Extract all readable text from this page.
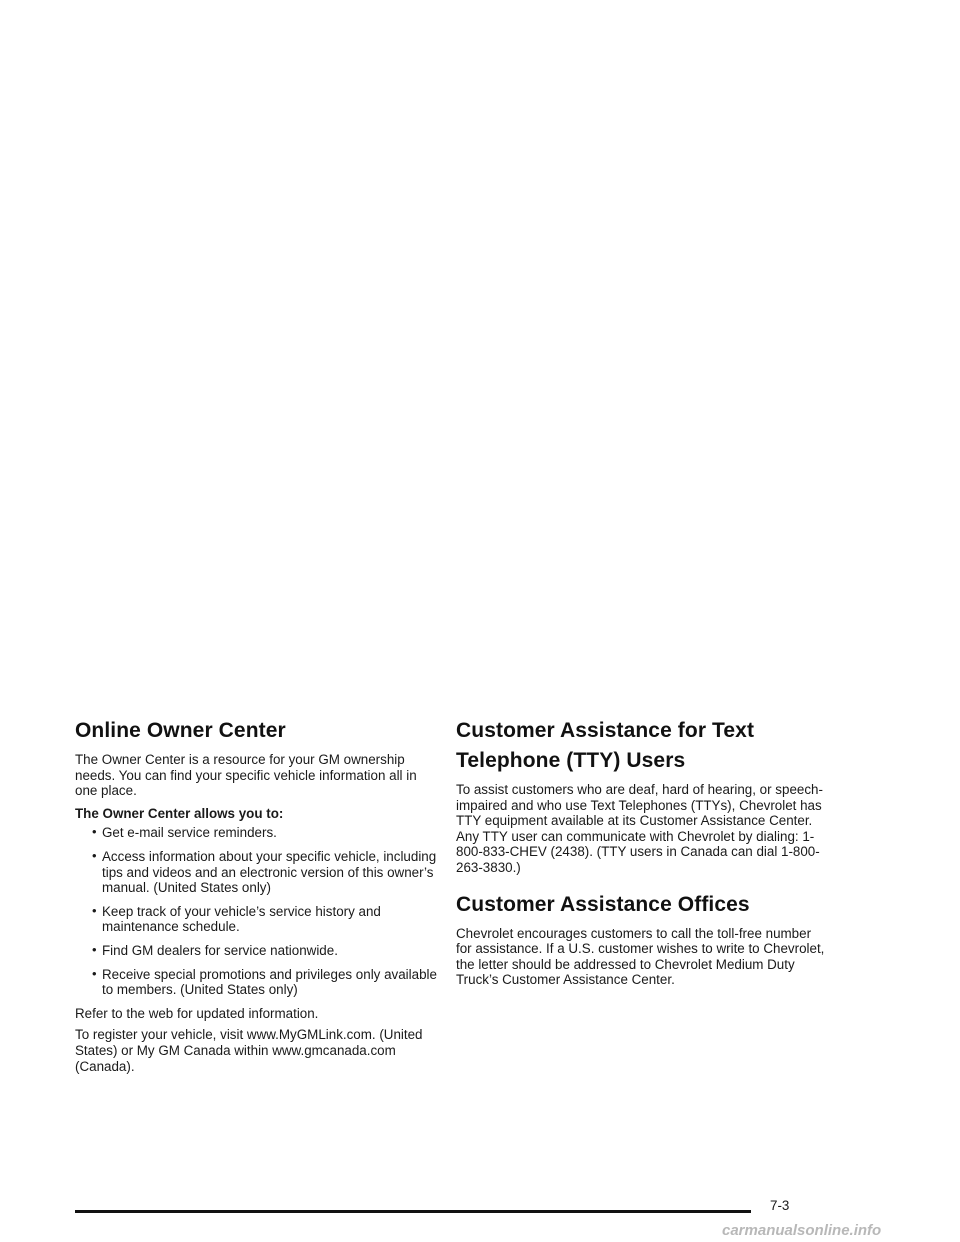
Online Owner Center

The Owner Center is a resource for your GM ownership needs. You can find your specific vehicle information all in one place.

The Owner Center allows you to:

• Get e-mail service reminders.
• Access information about your specific vehicle, including tips and videos and an electronic version of this owner’s manual. (United States only)
• Keep track of your vehicle’s service history and maintenance schedule.
• Find GM dealers for service nationwide.
• Receive special promotions and privileges only available to members. (United States only)

Refer to the web for updated information.

To register your vehicle, visit www.MyGMLink.com. (United States) or My GM Canada within www.gmcanada.com (Canada).

Customer Assistance for Text Telephone (TTY) Users

To assist customers who are deaf, hard of hearing, or speech-impaired and who use Text Telephones (TTYs), Chevrolet has TTY equipment available at its Customer Assistance Center. Any TTY user can communicate with Chevrolet by dialing: 1-800-833-CHEV (2438). (TTY users in Canada can dial 1-800-263-3830.)

Customer Assistance Offices

Chevrolet encourages customers to call the toll-free number for assistance. If a U.S. customer wishes to write to Chevrolet, the letter should be addressed to Chevrolet Medium Duty Truck’s Customer Assistance Center.

7-3
carmanualsonline.info
